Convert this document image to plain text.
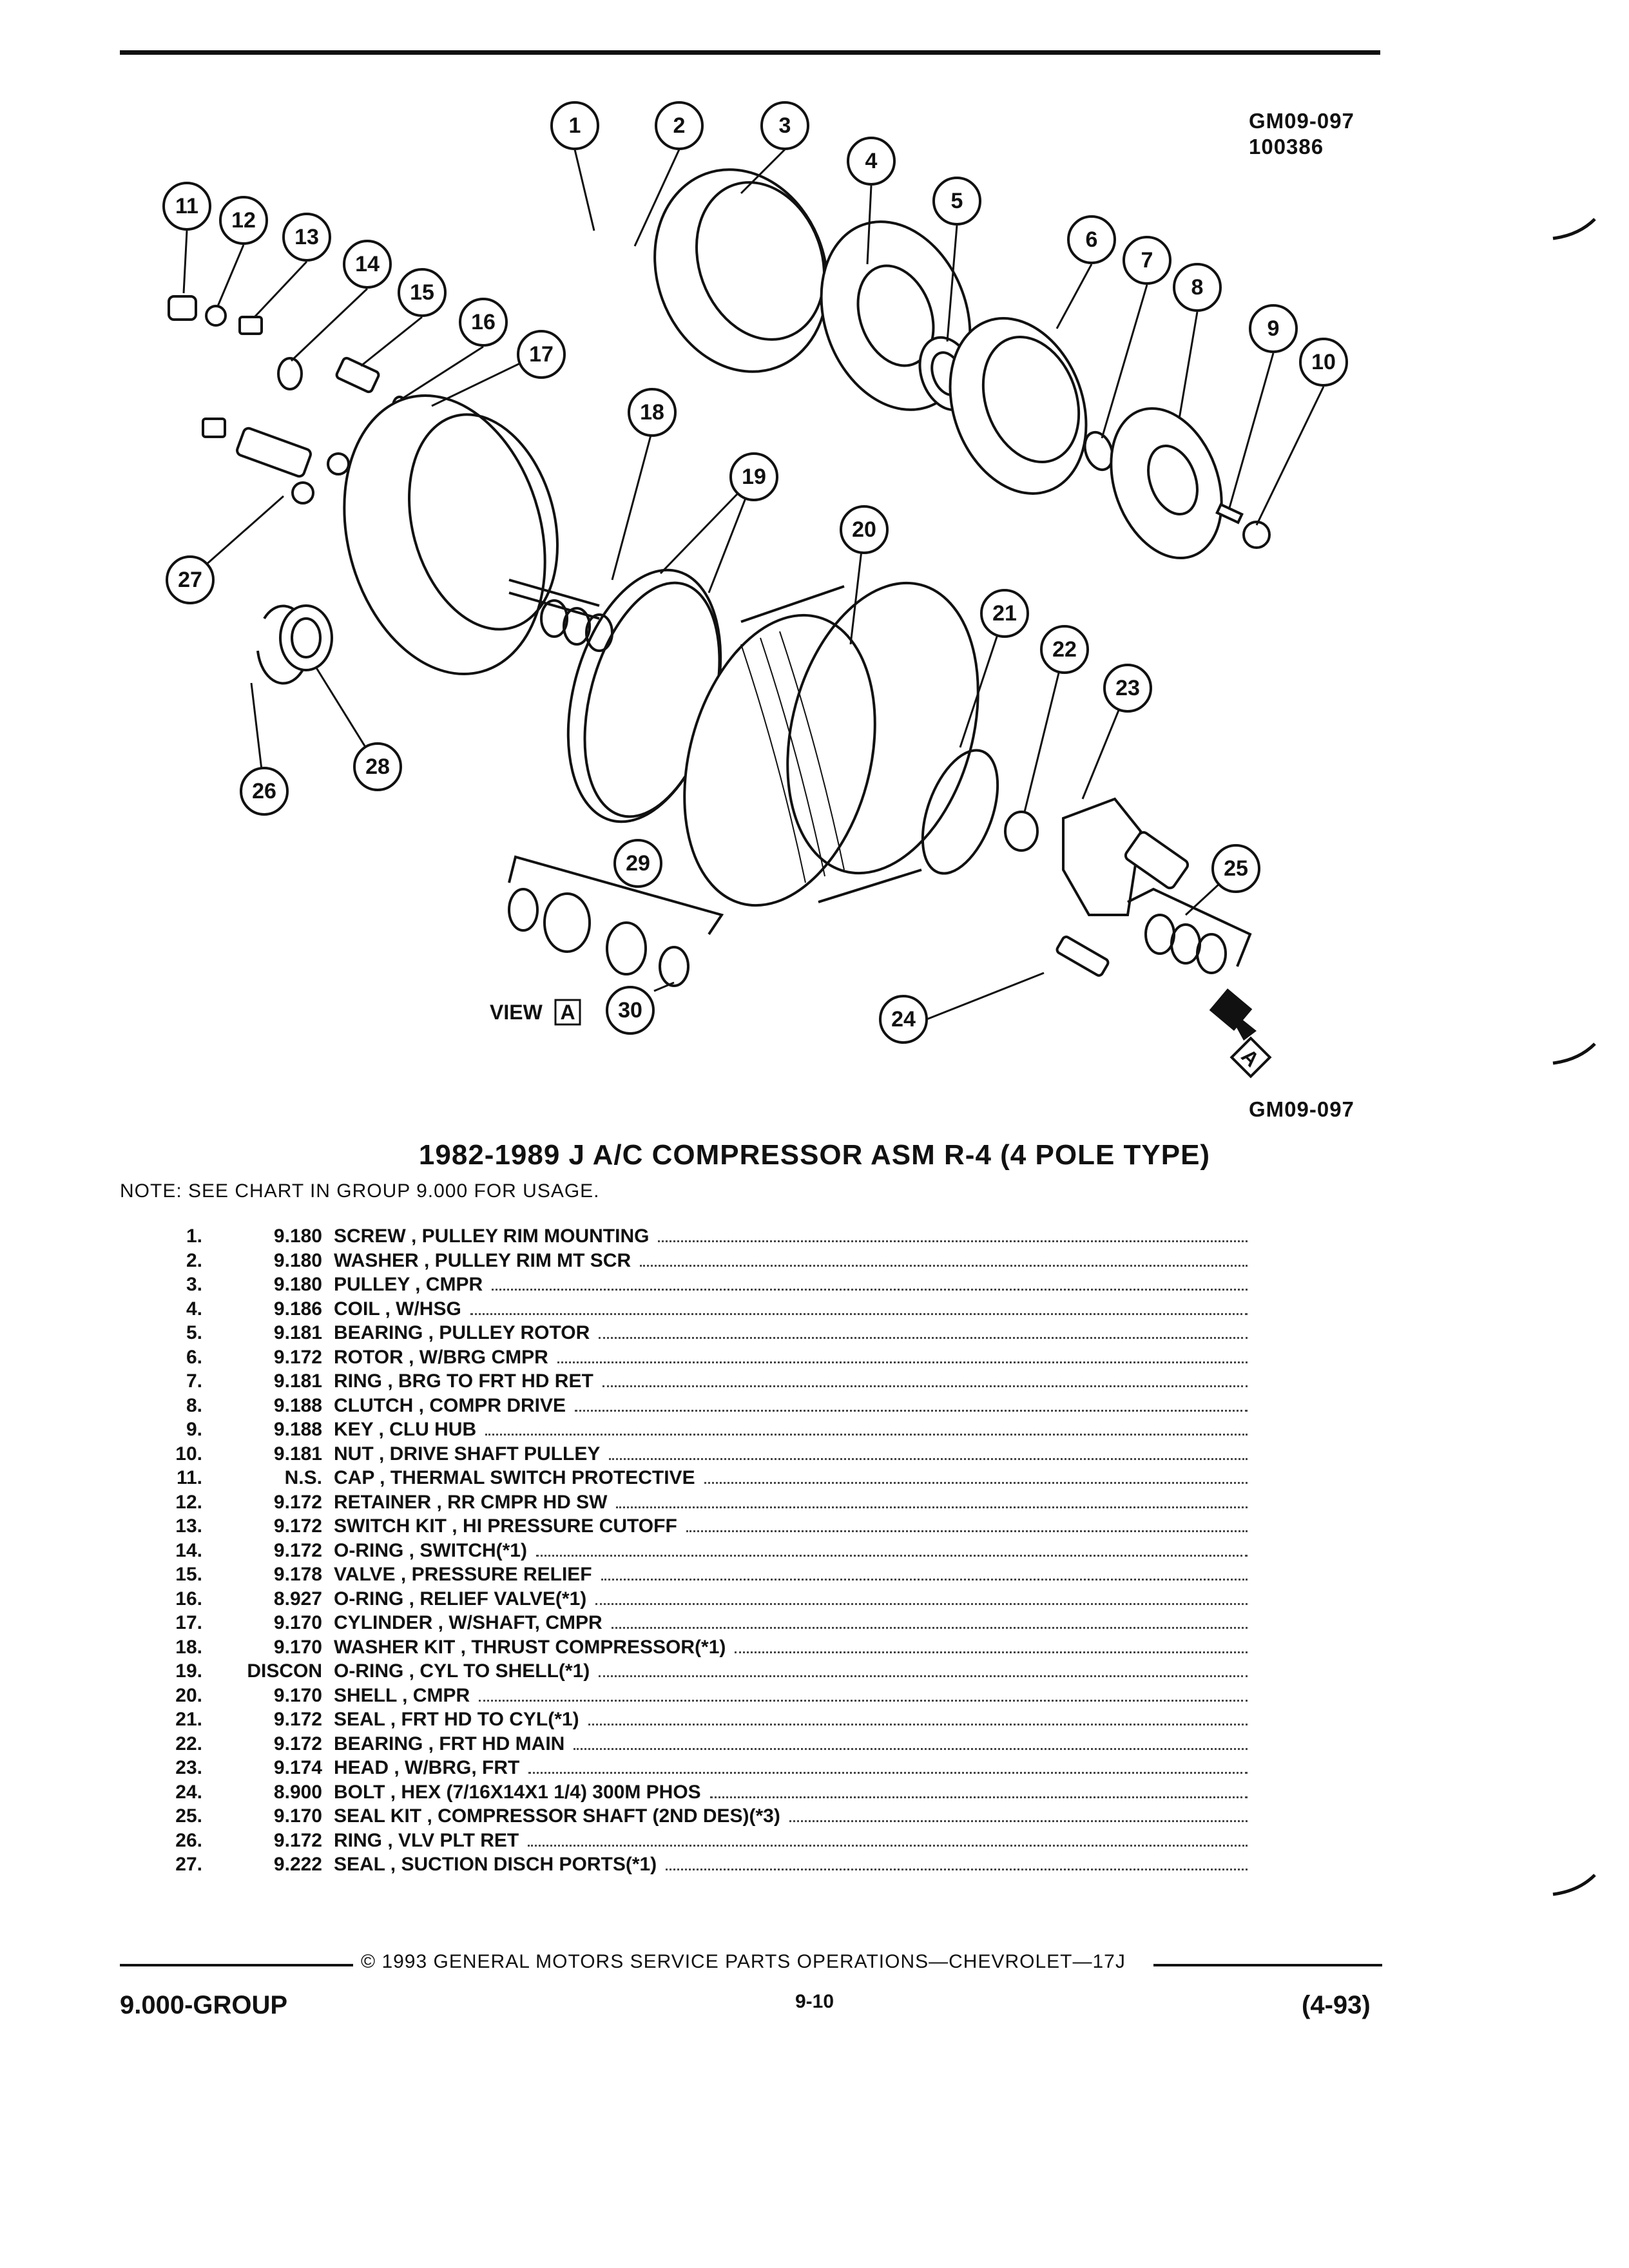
GM09-097
100386
1	2	3
4
5
6
7
8
9
10
11
12
13
14
15
16
17
18
19
20
21
22
23
24
25
26
27
28
29
30
VIEW A
A
GM09-097
1982-1989 J A/C COMPRESSOR ASM R-4 (4 POLE TYPE)
NOTE: SEE CHART IN GROUP 9.000 FOR USAGE.
1.	9.180 SCREW , PULLEY RIM MOUNTING
2.	9.180 WASHER , PULLEY RIM MT SCR
3.	9.180 PULLEY , CMPR
4.	9.186 COIL , W/HSG
5.	9.181 BEARING , PULLEY ROTOR
6.	9.172 ROTOR , W/BRG CMPR
7.	9.181 RING , BRG TO FRT HD RET
8.	9.188 CLUTCH , COMPR DRIVE
9.	9.188 KEY , CLU HUB
10.	9.181 NUT , DRIVE SHAFT PULLEY
11.	N.S. CAP , THERMAL SWITCH PROTECTIVE
12.	9.172 RETAINER , RR CMPR HD SW
13.	9.172 SWITCH KIT , HI PRESSURE CUTOFF
14.	9.172 O-RING , SWITCH(*1)
15.	9.178 VALVE , PRESSURE RELIEF
16.	8.927 O-RING , RELIEF VALVE(*1)
17.	9.170 CYLINDER , W/SHAFT, CMPR
18.	9.170 WASHER KIT , THRUST COMPRESSOR(*1)
19.	DISCON O-RING , CYL TO SHELL(*1)
20.	9.170 SHELL , CMPR
21.	9.172 SEAL , FRT HD TO CYL(*1)
22.	9.172 BEARING , FRT HD MAIN
23.	9.174 HEAD , W/BRG, FRT
24.	8.900 BOLT , HEX (7/16X14X1 1/4) 300M PHOS
25.	9.170 SEAL KIT , COMPRESSOR SHAFT (2ND DES)(*3)
26.	9.172 RING , VLV PLT RET
27.	9.222 SEAL , SUCTION DISCH PORTS(*1)
© 1993 GENERAL MOTORS SERVICE PARTS OPERATIONS—CHEVROLET—17J
9.000-GROUP	9-10	(4-93)
